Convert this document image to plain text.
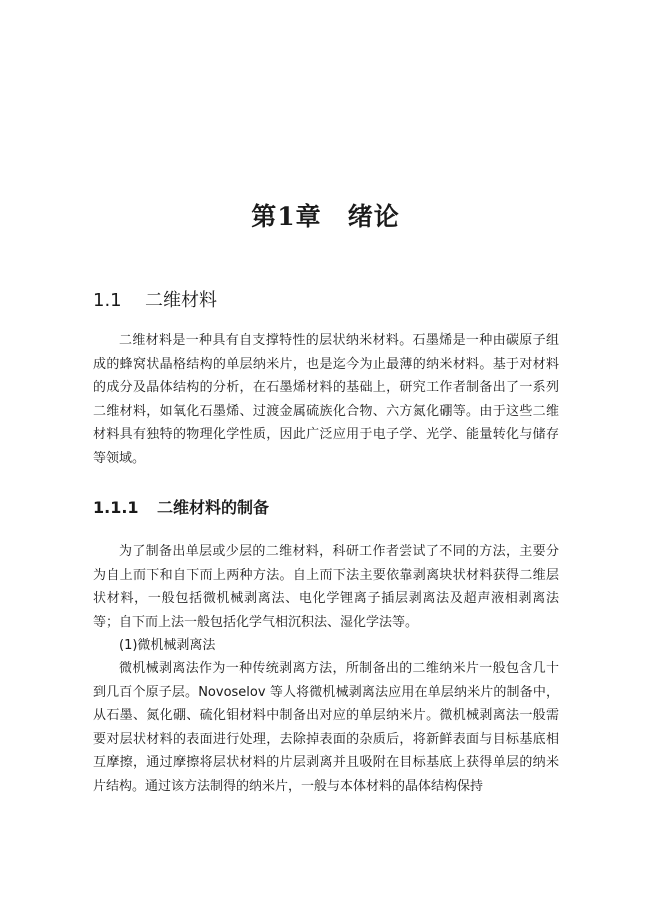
第1章 绪论
1.1 二维材料

二维材料是一种具有自支撑特性的层状纳米材料。石墨烯是一种由碳原子组成的蜂窝状晶格结构的单层纳米片，也是迄今为止最薄的纳米材料。基于对材料的成分及晶体结构的分析，在石墨烯材料的基础上，研究工作者制备出了一系列二维材料，如氧化石墨烯、过渡金属硫族化合物、六方氮化硼等。由于这些二维材料具有独特的物理化学性质，因此广泛应用于电子学、光学、能量转化与储存等领域。

1.1.1 二维材料的制备

为了制备出单层或少层的二维材料，科研工作者尝试了不同的方法，主要分为自上而下和自下而上两种方法。自上而下法主要依靠剥离块状材料获得二维层状材料，一般包括微机械剥离法、电化学锂离子插层剥离法及超声液相剥离法等；自下而上法一般包括化学气相沉积法、湿化学法等。

(1)微机械剥离法

微机械剥离法作为一种传统剥离方法，所制备出的二维纳米片一般包含几十到几百个原子层。Novoselov 等人将微机械剥离法应用在单层纳米片的制备中，从石墨、氮化硼、硫化钼材料中制备出对应的单层纳米片。微机械剥离法一般需要对层状材料的表面进行处理，去除掉表面的杂质后，将新鲜表面与目标基底相互摩擦，通过摩擦将层状材料的片层剥离并且吸附在目标基底上获得单层的纳米片结构。通过该方法制得的纳米片，一般与本体材料的晶体结构保持
